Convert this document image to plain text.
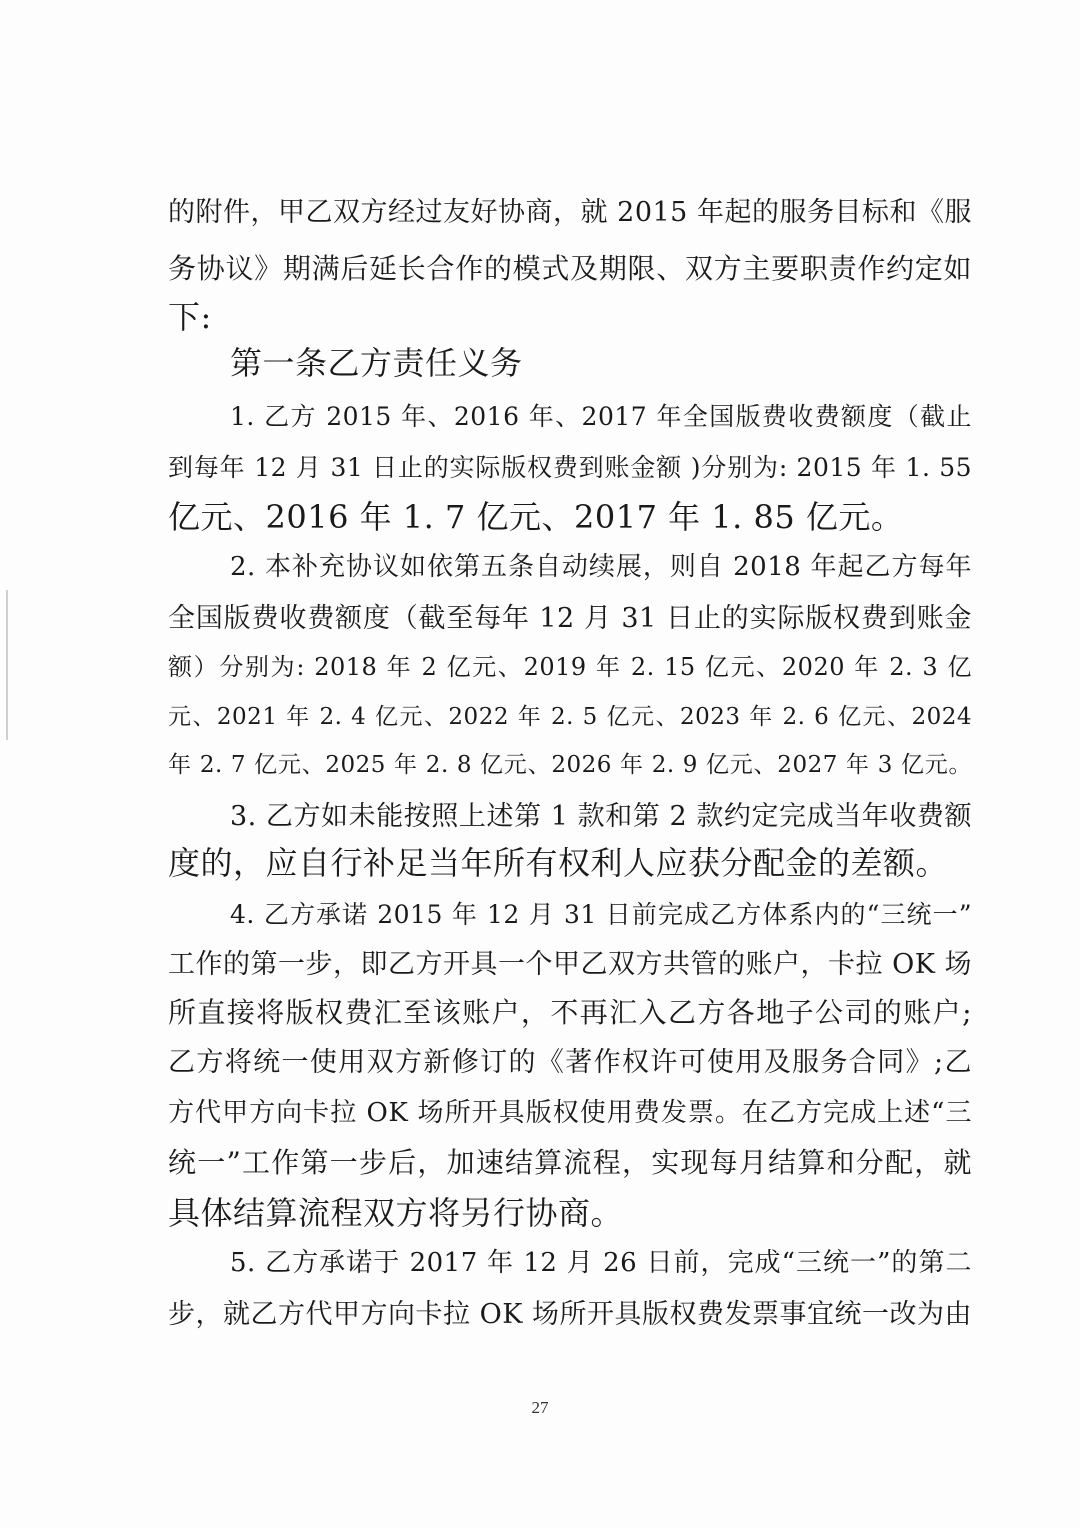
的附件，甲乙双方经过友好协商，就 2015 年起的服务目标和《服
务协议》期满后延长合作的模式及期限、双方主要职责作约定如
下:
第一条乙方责任义务
1. 乙方 2015 年、2016 年、2017 年全国版费收费额度（截止
到每年 12 月 31 日止的实际版权费到账金额 )分别为: 2015 年 1. 55
亿元、2016 年 1. 7 亿元、2017 年 1. 85 亿元。
2. 本补充协议如依第五条自动续展，则自 2018 年起乙方每年
全国版费收费额度（截至每年 12 月 31 日止的实际版权费到账金
额）分别为: 2018 年 2 亿元、2019 年 2. 15 亿元、2020 年 2. 3 亿
元、2021 年 2. 4 亿元、2022 年 2. 5 亿元、2023 年 2. 6 亿元、2024
年 2. 7 亿元、2025 年 2. 8 亿元、2026 年 2. 9 亿元、2027 年 3 亿元。
3. 乙方如未能按照上述第 1 款和第 2 款约定完成当年收费额
度的，应自行补足当年所有权利人应获分配金的差额。
4. 乙方承诺 2015 年 12 月 31 日前完成乙方体系内的“三统一”
工作的第一步，即乙方开具一个甲乙双方共管的账户，卡拉 OK 场
所直接将版权费汇至该账户，不再汇入乙方各地子公司的账户;
乙方将统一使用双方新修订的《著作权许可使用及服务合同》;乙
方代甲方向卡拉 OK 场所开具版权使用费发票。在乙方完成上述“三
统一”工作第一步后，加速结算流程，实现每月结算和分配，就
具体结算流程双方将另行协商。
5. 乙方承诺于 2017 年 12 月 26 日前，完成“三统一”的第二
步，就乙方代甲方向卡拉 OK 场所开具版权费发票事宜统一改为由
27
